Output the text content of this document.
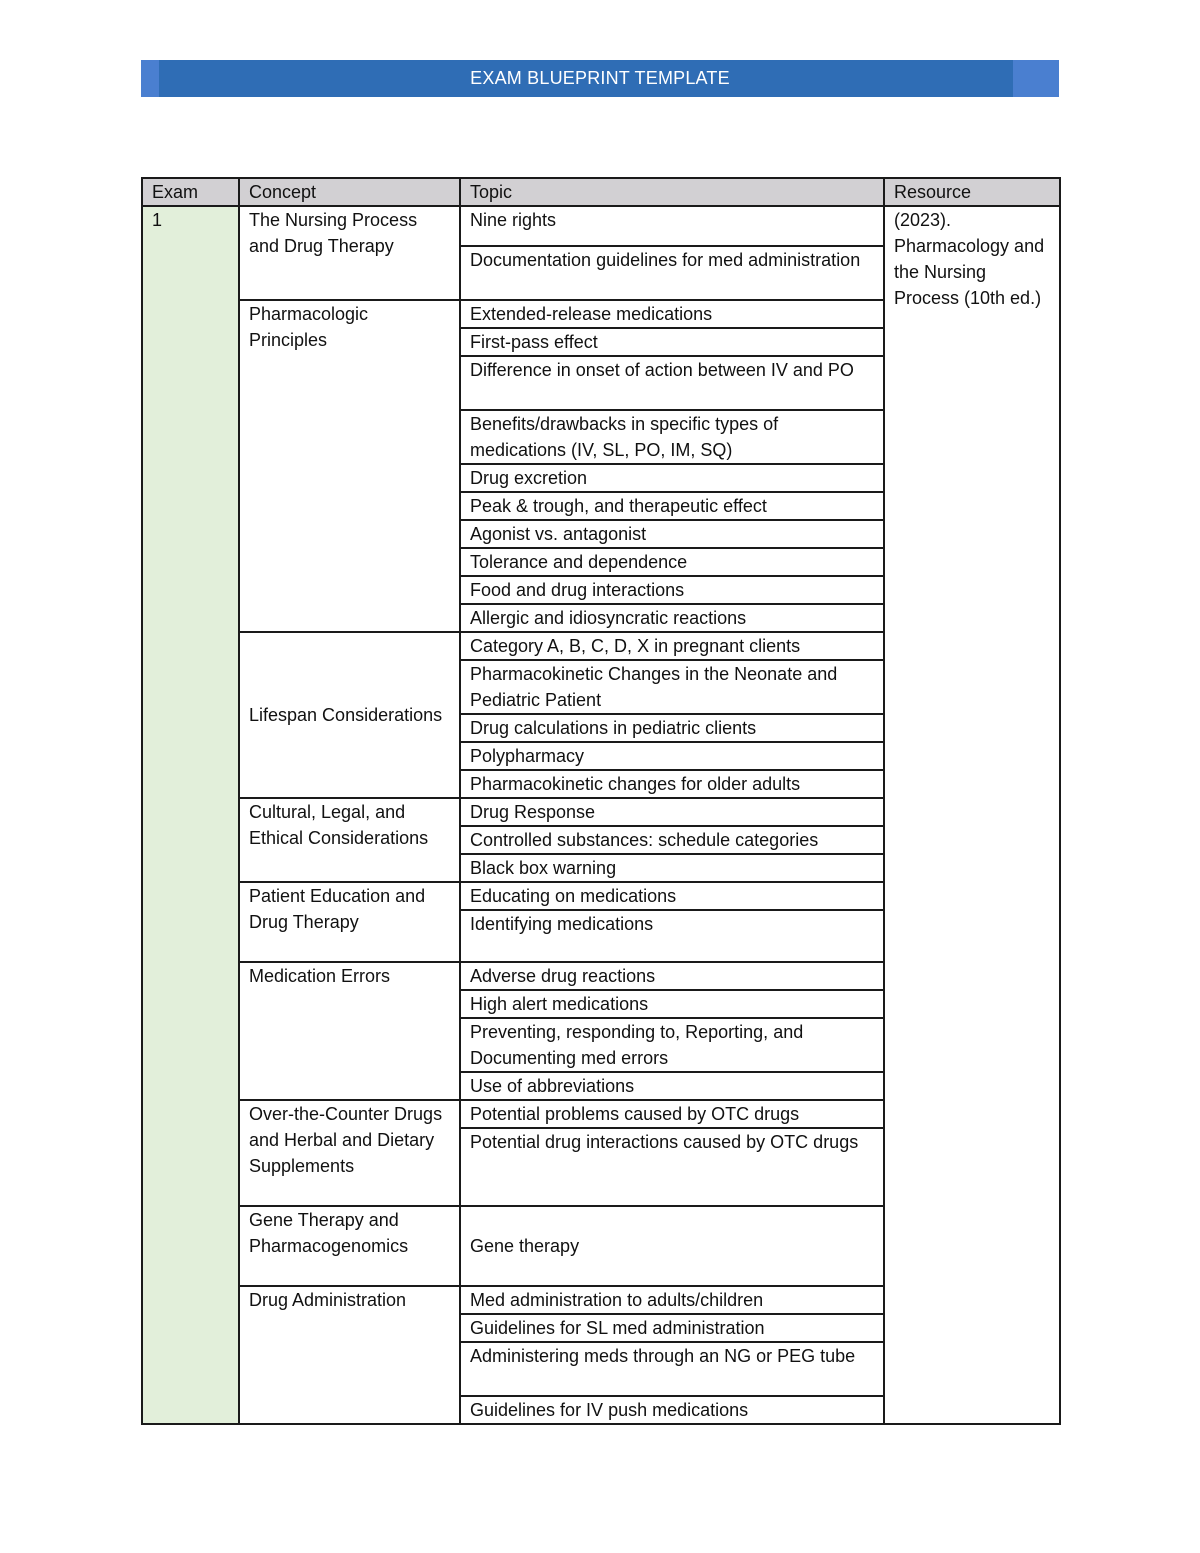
EXAM BLUEPRINT TEMPLATE
Exam	Concept	Topic	Resource
1	The Nursing Process and Drug Therapy	Nine rights	(2023). Pharmacology and the Nursing Process (10th ed.)
		Documentation guidelines for med administration	
	Pharmacologic Principles	Extended-release medications	
		First-pass effect	
		Difference in onset of action between IV and PO	
		Benefits/drawbacks in specific types of medications (IV, SL, PO, IM, SQ)	
		Drug excretion	
		Peak & trough, and therapeutic effect	
		Agonist vs. antagonist	
		Tolerance and dependence	
		Food and drug interactions	
		Allergic and idiosyncratic reactions	
	Lifespan Considerations	Category A, B, C, D, X in pregnant clients	
		Pharmacokinetic Changes in the Neonate and Pediatric Patient	
		Drug calculations in pediatric clients	
		Polypharmacy	
		Pharmacokinetic changes for older adults	
	Cultural, Legal, and Ethical Considerations	Drug Response	
		Controlled substances: schedule categories	
		Black box warning	
	Patient Education and Drug Therapy	Educating on medications	
		Identifying medications	
	Medication Errors	Adverse drug reactions	
		High alert medications	
		Preventing, responding to, Reporting, and Documenting med errors	
		Use of abbreviations	
	Over-the-Counter Drugs and Herbal and Dietary Supplements	Potential problems caused by OTC drugs	
		Potential drug interactions caused by OTC drugs	
	Gene Therapy and Pharmacogenomics	Gene therapy	
	Drug Administration	Med administration to adults/children	
		Guidelines for SL med administration	
		Administering meds through an NG or PEG tube	
		Guidelines for IV push medications	
